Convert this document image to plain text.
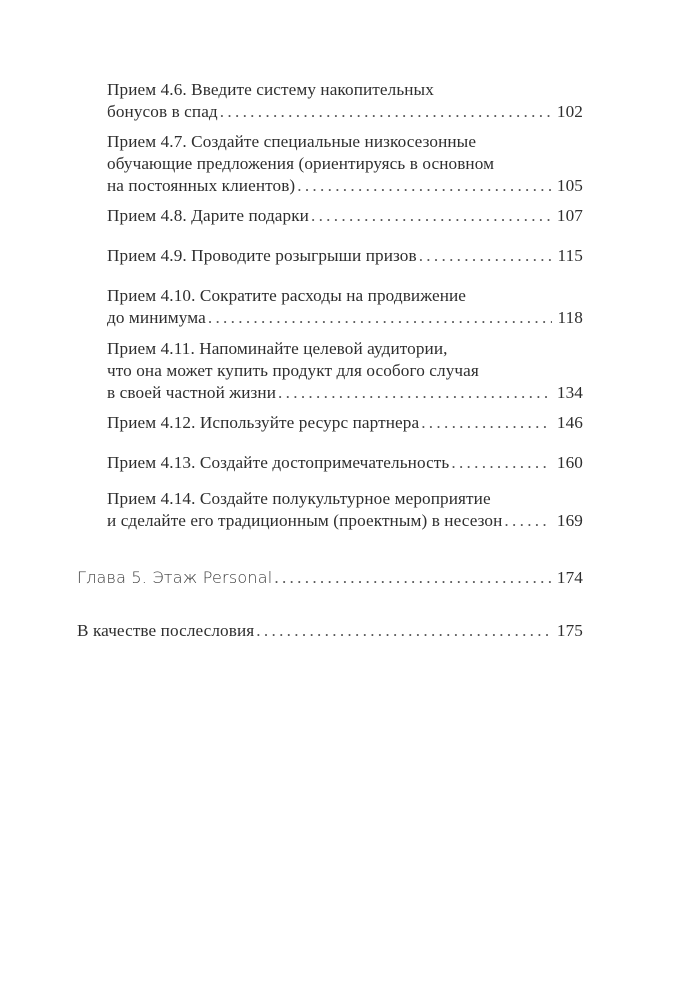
Прием 4.6. Введите систему накопительных
бонусов в спад . . .	102
Прием 4.7. Создайте специальные низкосезонные
обучающие предложения (ориентируясь в основном
на постоянных клиентов) . . .	105
Прием 4.8. Дарите подарки . . .	107
Прием 4.9. Проводите розыгрыши призов . . .	115
Прием 4.10. Сократите расходы на продвижение
до минимума . . .	118
Прием 4.11. Напоминайте целевой аудитории,
что она может купить продукт для особого случая
в своей частной жизни . . .	134
Прием 4.12. Используйте ресурс партнера . . .	146
Прием 4.13. Создайте достопримечательность . . .	160
Прием 4.14. Создайте полукультурное мероприятие
и сделайте его традиционным (проектным) в несезон . . .	169
Глава 5. Этаж Personal . . .	174
В качестве послесловия . . .	175
